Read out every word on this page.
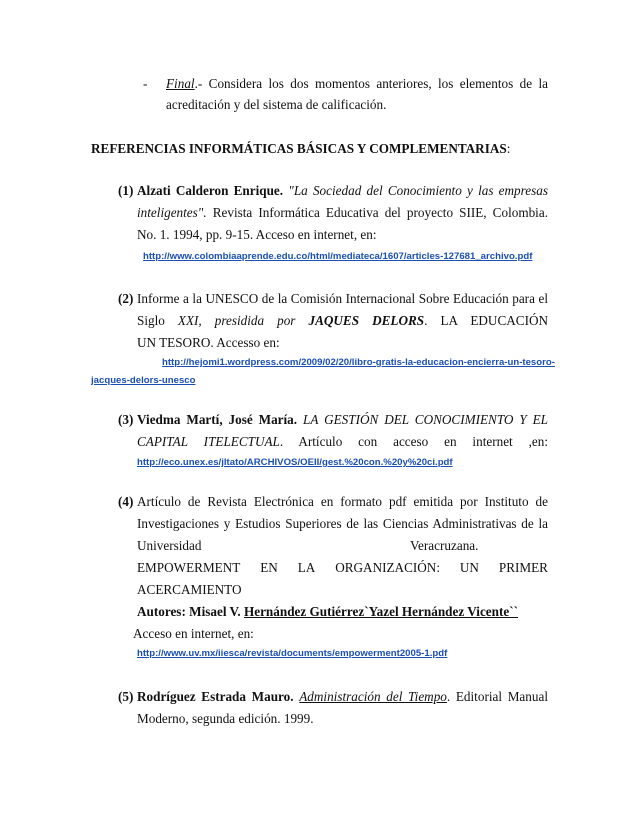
- Final.- Considera los dos momentos anteriores, los elementos de la
acreditación y del sistema de calificación.
REFERENCIAS INFORMÁTICAS BÁSICAS Y COMPLEMENTARIAS:
(1) Alzati Calderon Enrique. "La Sociedad del Conocimiento y las empresas
inteligentes". Revista Informática Educativa del proyecto SIIE, Colombia.
No. 1. 1994, pp. 9-15. Acceso en internet, en:
http://www.colombiaaprende.edu.co/html/mediateca/1607/articles-127681_archivo.pdf
(2) Informe a la UNESCO de la Comisión Internacional Sobre Educación para el
Siglo XXI, presidida por JAQUES DELORS. LA EDUCACIÓN
UN TESORO. Accesso en:
http://hejomi1.wordpress.com/2009/02/20/libro-gratis-la-educacion-encierra-un-tesoro-
jacques-delors-unesco
(3) Viedma Martí, José María. LA GESTIÓN DEL CONOCIMIENTO Y EL
CAPITAL ITELECTUAL. Artículo con acceso en internet ,en:
http://eco.unex.es/jltato/ARCHIVOS/OEII/gest.%20con.%20y%20ci.pdf
(4) Artículo de Revista Electrónica en formato pdf emitida por Instituto de
Investigaciones y Estudios Superiores de las Ciencias Administrativas de la
Universidad	Veracruzana.
EMPOWERMENT EN LA ORGANIZACIÓN: UN PRIMER
ACERCAMIENTO
Autores: Misael V. Hernández Gutiérrez`Yazel Hernández Vicente``
Acceso en internet, en:
http://www.uv.mx/iiesca/revista/documents/empowerment2005-1.pdf
(5) Rodríguez Estrada Mauro. Administración del Tiempo. Editorial Manual
Moderno, segunda edición. 1999.
